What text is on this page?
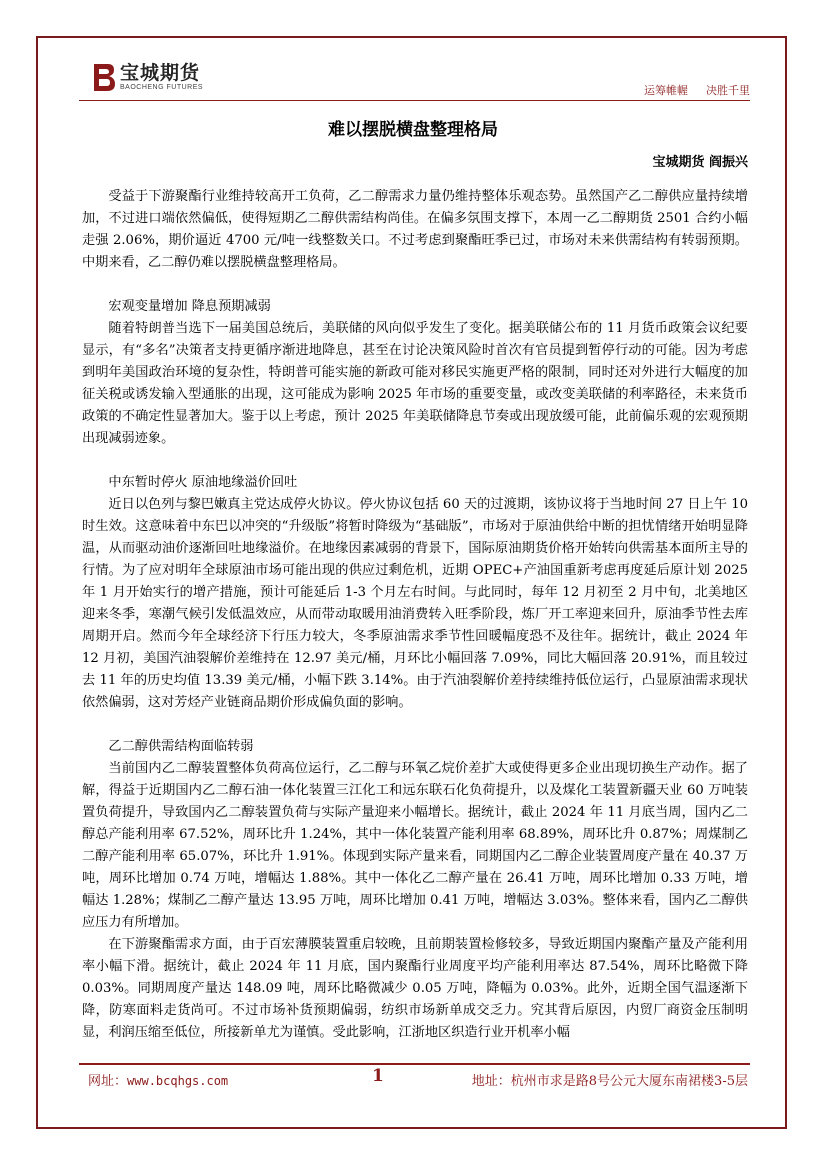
宝城期货
BAOCHENG FUTURES	运筹帷幄 决胜千里
难以摆脱横盘整理格局
宝城期货 阎振兴

受益于下游聚酯行业维持较高开工负荷，乙二醇需求力量仍维持整体乐观态势。虽然国产乙二醇供应量持续增加，不过进口端依然偏低，使得短期乙二醇供需结构尚佳。在偏多氛围支撑下，本周一乙二醇期货 2501 合约小幅走强 2.06%，期价逼近 4700 元/吨一线整数关口。不过考虑到聚酯旺季已过，市场对未来供需结构有转弱预期。中期来看，乙二醇仍难以摆脱横盘整理格局。

宏观变量增加 降息预期减弱

随着特朗普当选下一届美国总统后，美联储的风向似乎发生了变化。据美联储公布的 11 月货币政策会议纪要显示，有“多名”决策者支持更循序渐进地降息，甚至在讨论决策风险时首次有官员提到暂停行动的可能。因为考虑到明年美国政治环境的复杂性，特朗普可能实施的新政可能对移民实施更严格的限制，同时还对外进行大幅度的加征关税或诱发输入型通胀的出现，这可能成为影响 2025 年市场的重要变量，或改变美联储的利率路径，未来货币政策的不确定性显著加大。鉴于以上考虑，预计 2025 年美联储降息节奏或出现放缓可能，此前偏乐观的宏观预期出现减弱迹象。

中东暂时停火 原油地缘溢价回吐

近日以色列与黎巴嫩真主党达成停火协议。停火协议包括 60 天的过渡期，该协议将于当地时间 27 日上午 10 时生效。这意味着中东巴以冲突的“升级版”将暂时降级为“基础版”，市场对于原油供给中断的担忧情绪开始明显降温，从而驱动油价逐渐回吐地缘溢价。在地缘因素减弱的背景下，国际原油期货价格开始转向供需基本面所主导的行情。为了应对明年全球原油市场可能出现的供应过剩危机，近期 OPEC+产油国重新考虑再度延后原计划 2025 年 1 月开始实行的增产措施，预计可能延后 1-3 个月左右时间。与此同时，每年 12 月初至 2 月中旬，北美地区迎来冬季，寒潮气候引发低温效应，从而带动取暖用油消费转入旺季阶段，炼厂开工率迎来回升，原油季节性去库周期开启。然而今年全球经济下行压力较大，冬季原油需求季节性回暖幅度恐不及往年。据统计，截止 2024 年 12 月初，美国汽油裂解价差维持在 12.97 美元/桶，月环比小幅回落 7.09%，同比大幅回落 20.91%，而且较过去 11 年的历史均值 13.39 美元/桶，小幅下跌 3.14%。由于汽油裂解价差持续维持低位运行，凸显原油需求现状依然偏弱，这对芳烃产业链商品期价形成偏负面的影响。

乙二醇供需结构面临转弱

当前国内乙二醇装置整体负荷高位运行，乙二醇与环氧乙烷价差扩大或使得更多企业出现切换生产动作。据了解，得益于近期国内乙二醇石油一体化装置三江化工和远东联石化负荷提升，以及煤化工装置新疆天业 60 万吨装置负荷提升，导致国内乙二醇装置负荷与实际产量迎来小幅增长。据统计，截止 2024 年 11 月底当周，国内乙二醇总产能利用率 67.52%，周环比升 1.24%，其中一体化装置产能利用率 68.89%，周环比升 0.87%；周煤制乙二醇产能利用率 65.07%，环比升 1.91%。体现到实际产量来看，同期国内乙二醇企业装置周度产量在 40.37 万吨，周环比增加 0.74 万吨，增幅达 1.88%。其中一体化乙二醇产量在 26.41 万吨，周环比增加 0.33 万吨，增幅达 1.28%；煤制乙二醇产量达 13.95 万吨，周环比增加 0.41 万吨，增幅达 3.03%。整体来看，国内乙二醇供应压力有所增加。

在下游聚酯需求方面，由于百宏薄膜装置重启较晚，且前期装置检修较多，导致近期国内聚酯产量及产能利用率小幅下滑。据统计，截止 2024 年 11 月底，国内聚酯行业周度平均产能利用率达 87.54%，周环比略微下降 0.03%。同期周度产量达 148.09 吨，周环比略微减少 0.05 万吨，降幅为 0.03%。此外，近期全国气温逐渐下降，防寒面料走货尚可。不过市场补货预期偏弱，纺织市场新单成交乏力。究其背后原因，内贸厂商资金压制明显，利润压缩至低位，所接新单尤为谨慎。受此影响，江浙地区织造行业开机率小幅

网址：www.bcqhgs.com	1	地址：杭州市求是路8号公元大厦东南裙楼3-5层
